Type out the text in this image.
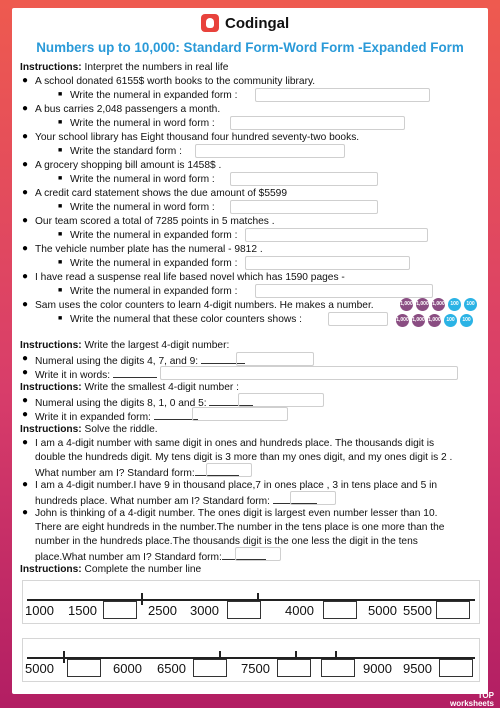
Codingal
Numbers up to 10,000: Standard Form-Word Form -Expanded Form
Instructions: Interpret the numbers in real life
● A school donated 6155$ worth books to the community library.
■ Write the numeral in expanded form :
● A bus carries 2,048 passengers a month.
■ Write the numeral in word form :
● Your school library has Eight thousand four hundred seventy-two books.
■ Write the standard form :
● A grocery shopping bill amount is 1458$ .
■ Write the numeral in word form :
● A credit card statement shows the due amount of $5599
■ Write the numeral in word form :
● Our team scored a total of 7285 points in 5 matches .
■ Write the numeral in expanded form :
● The vehicle number plate has the numeral - 9812 .
■ Write the numeral in expanded form :
● I have read a suspense real life based novel which has 1590 pages -
■ Write the numeral in expanded form :
● Sam uses the color counters to learn 4-digit numbers. He makes a number.
■ Write the numeral that these color counters shows :
1,000 1,000 1,000	100	100
1,000 1,000 1,000	100	100
Instructions: Write the largest 4-digit number:
● Numeral using the digits 4, 7, and 9:
● Write it in words:
Instructions: Write the smallest 4-digit number :
● Numeral using the digits 8, 1, 0 and 5:
● Write it in expanded form:
Instructions: Solve the riddle.
● I am a 4-digit number with same digit in ones and hundreds place. The thousands digit is
double the hundreds digit. My tens digit is 3 more than my ones digit, and my ones digit is 2 .
What number am I? Standard form:
● I am a 4-digit number.I have 9 in thousand place,7 in ones place , 3 in tens place and 5 in
hundreds place. What number am I? Standard form:
● John is thinking of a 4-digit number. The ones digit is largest even number lesser than 10.
There are eight hundreds in the number.The number in the tens place is one more than the
number in the hundreds place.The thousands digit is the one less the digit in the tens
place.What number am I? Standard form:
Instructions: Complete the number line
1000 1500	2500 3000	4000	5000 5500
5000	6000 6500	7500	9000 9500
TOP
worksheets
